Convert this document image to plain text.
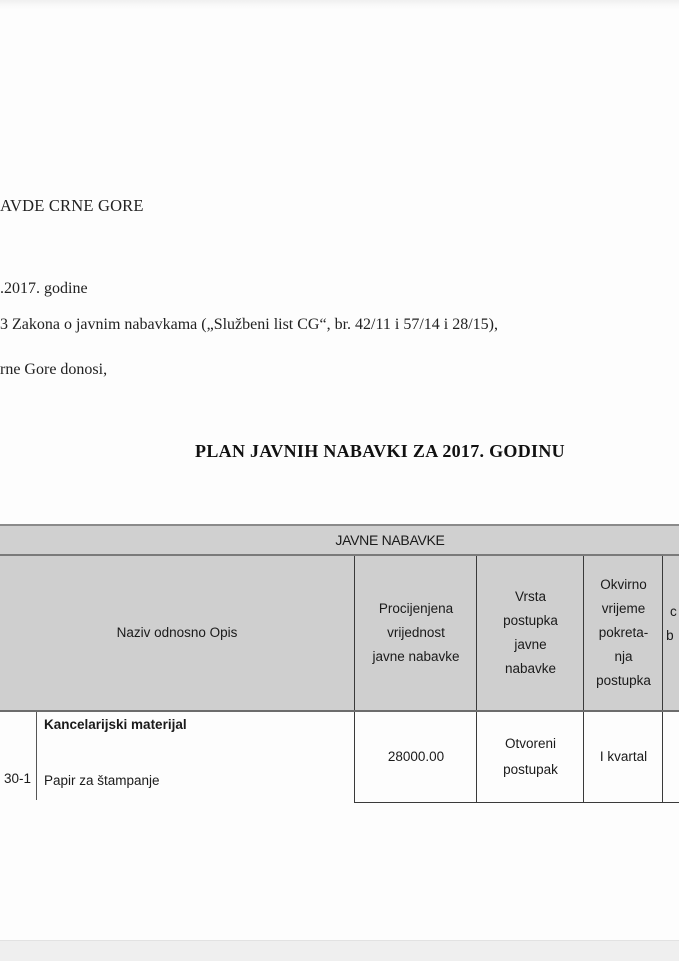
AVDE CRNE GORE
.2017. godine
3 Zakona o javnim nabavkama („Službeni list CG“, br. 42/11 i 57/14 i 28/15),
rne Gore donosi,
PLAN JAVNIH NABAVKI ZA 2017. GODINU
JAVNE NABAVKE
Naziv odnosno Opis
Procijenjena
vrijednost
javne nabavke
Vrsta
postupka
javne
nabavke
Okvirno
vrijeme
pokreta-
nja
postupka
c
b
30-1
Kancelarijski materijal
Papir za štampanje
28000.00
Otvoreni
postupak
I kvartal
